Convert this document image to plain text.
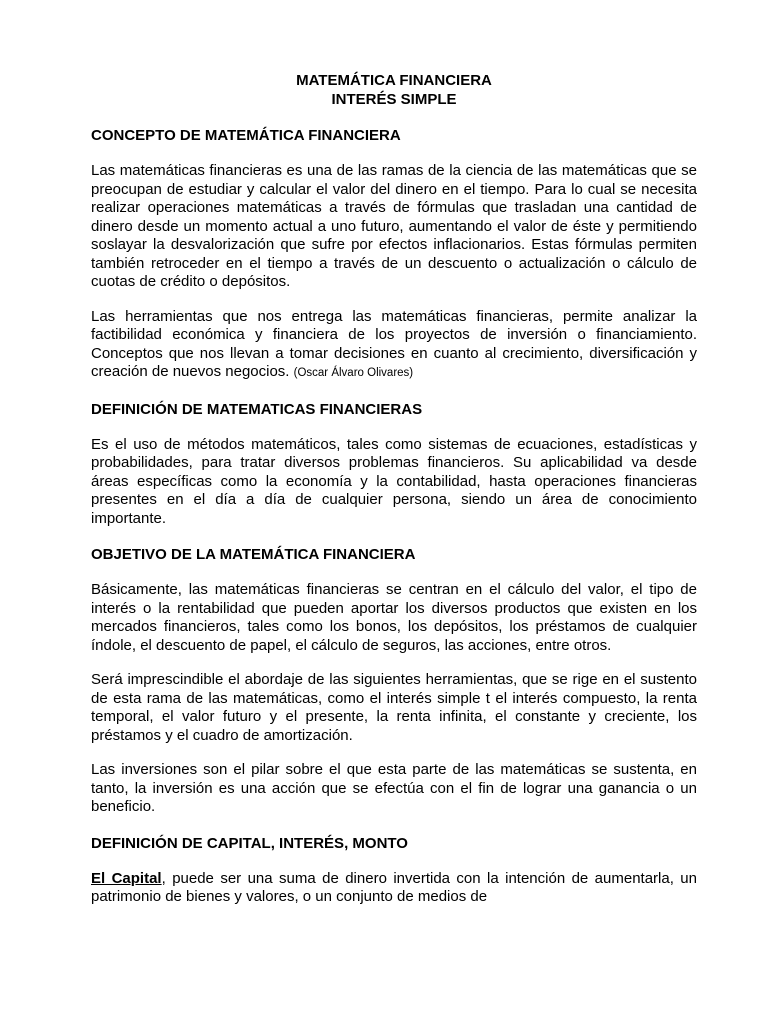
MATEMÁTICA FINANCIERA
INTERÉS SIMPLE
CONCEPTO DE MATEMÁTICA FINANCIERA

Las matemáticas financieras es una de las ramas de la ciencia de las matemáticas que se preocupan de estudiar y calcular el valor del dinero en el tiempo. Para lo cual se necesita realizar operaciones matemáticas a través de fórmulas que trasladan una cantidad de dinero desde un momento actual a uno futuro, aumentando el valor de éste y permitiendo soslayar la desvalorización que sufre por efectos inflacionarios. Estas fórmulas permiten también retroceder en el tiempo a través de un descuento o actualización o cálculo de cuotas de crédito o depósitos.

Las herramientas que nos entrega las matemáticas financieras, permite analizar la factibilidad económica y financiera de los proyectos de inversión o financiamiento. Conceptos que nos llevan a tomar decisiones en cuanto al crecimiento, diversificación y creación de nuevos negocios. (Oscar Álvaro Olivares)

DEFINICIÓN DE MATEMATICAS FINANCIERAS

Es el uso de métodos matemáticos, tales como sistemas de ecuaciones, estadísticas y probabilidades, para tratar diversos problemas financieros. Su aplicabilidad va desde áreas específicas como la economía y la contabilidad, hasta operaciones financieras presentes en el día a día de cualquier persona, siendo un área de conocimiento importante.

OBJETIVO DE LA MATEMÁTICA FINANCIERA

Básicamente, las matemáticas financieras se centran en el cálculo del valor, el tipo de interés o la rentabilidad que pueden aportar los diversos productos que existen en los mercados financieros, tales como los bonos, los depósitos, los préstamos de cualquier índole, el descuento de papel, el cálculo de seguros, las acciones, entre otros.

Será imprescindible el abordaje de las siguientes herramientas, que se rige en el sustento de esta rama de las matemáticas, como el interés simple t el interés compuesto, la renta temporal, el valor futuro y el presente, la renta infinita, el constante y creciente, los préstamos y el cuadro de amortización.

Las inversiones son el pilar sobre el que esta parte de las matemáticas se sustenta, en tanto, la inversión es una acción que se efectúa con el fin de lograr una ganancia o un beneficio.

DEFINICIÓN DE CAPITAL, INTERÉS, MONTO

El Capital, puede ser una suma de dinero invertida con la intención de aumentarla, un patrimonio de bienes y valores, o un conjunto de medios de
